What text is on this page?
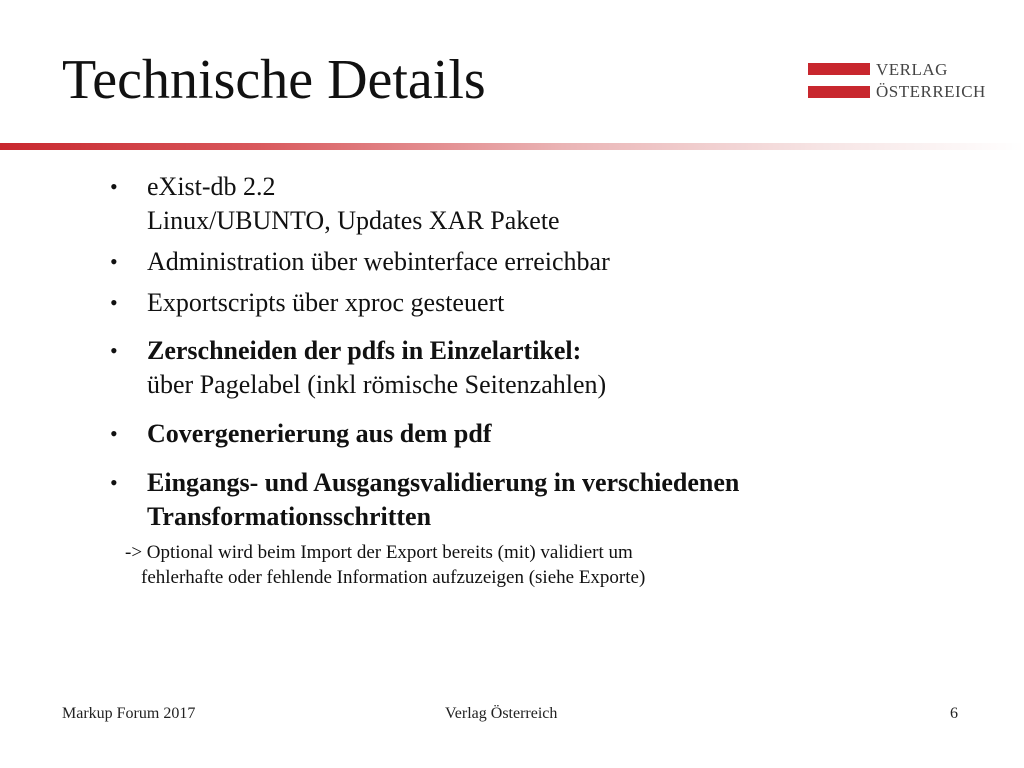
Technische Details	VERLAG
ÖSTERREICH
• eXist-db 2.2
Linux/UBUNTO, Updates XAR Pakete
• Administration über webinterface erreichbar
• Exportscripts über xproc gesteuert
• Zerschneiden der pdfs in Einzelartikel:
über Pagelabel (inkl römische Seitenzahlen)
• Covergenerierung aus dem pdf
• Eingangs- und Ausgangsvalidierung in verschiedenen Transformationsschritten
-> Optional wird beim Import der Export bereits (mit) validiert um
fehlerhafte oder fehlende Information aufzuzeigen (siehe Exporte)
Markup Forum 2017	Verlag Österreich	6
